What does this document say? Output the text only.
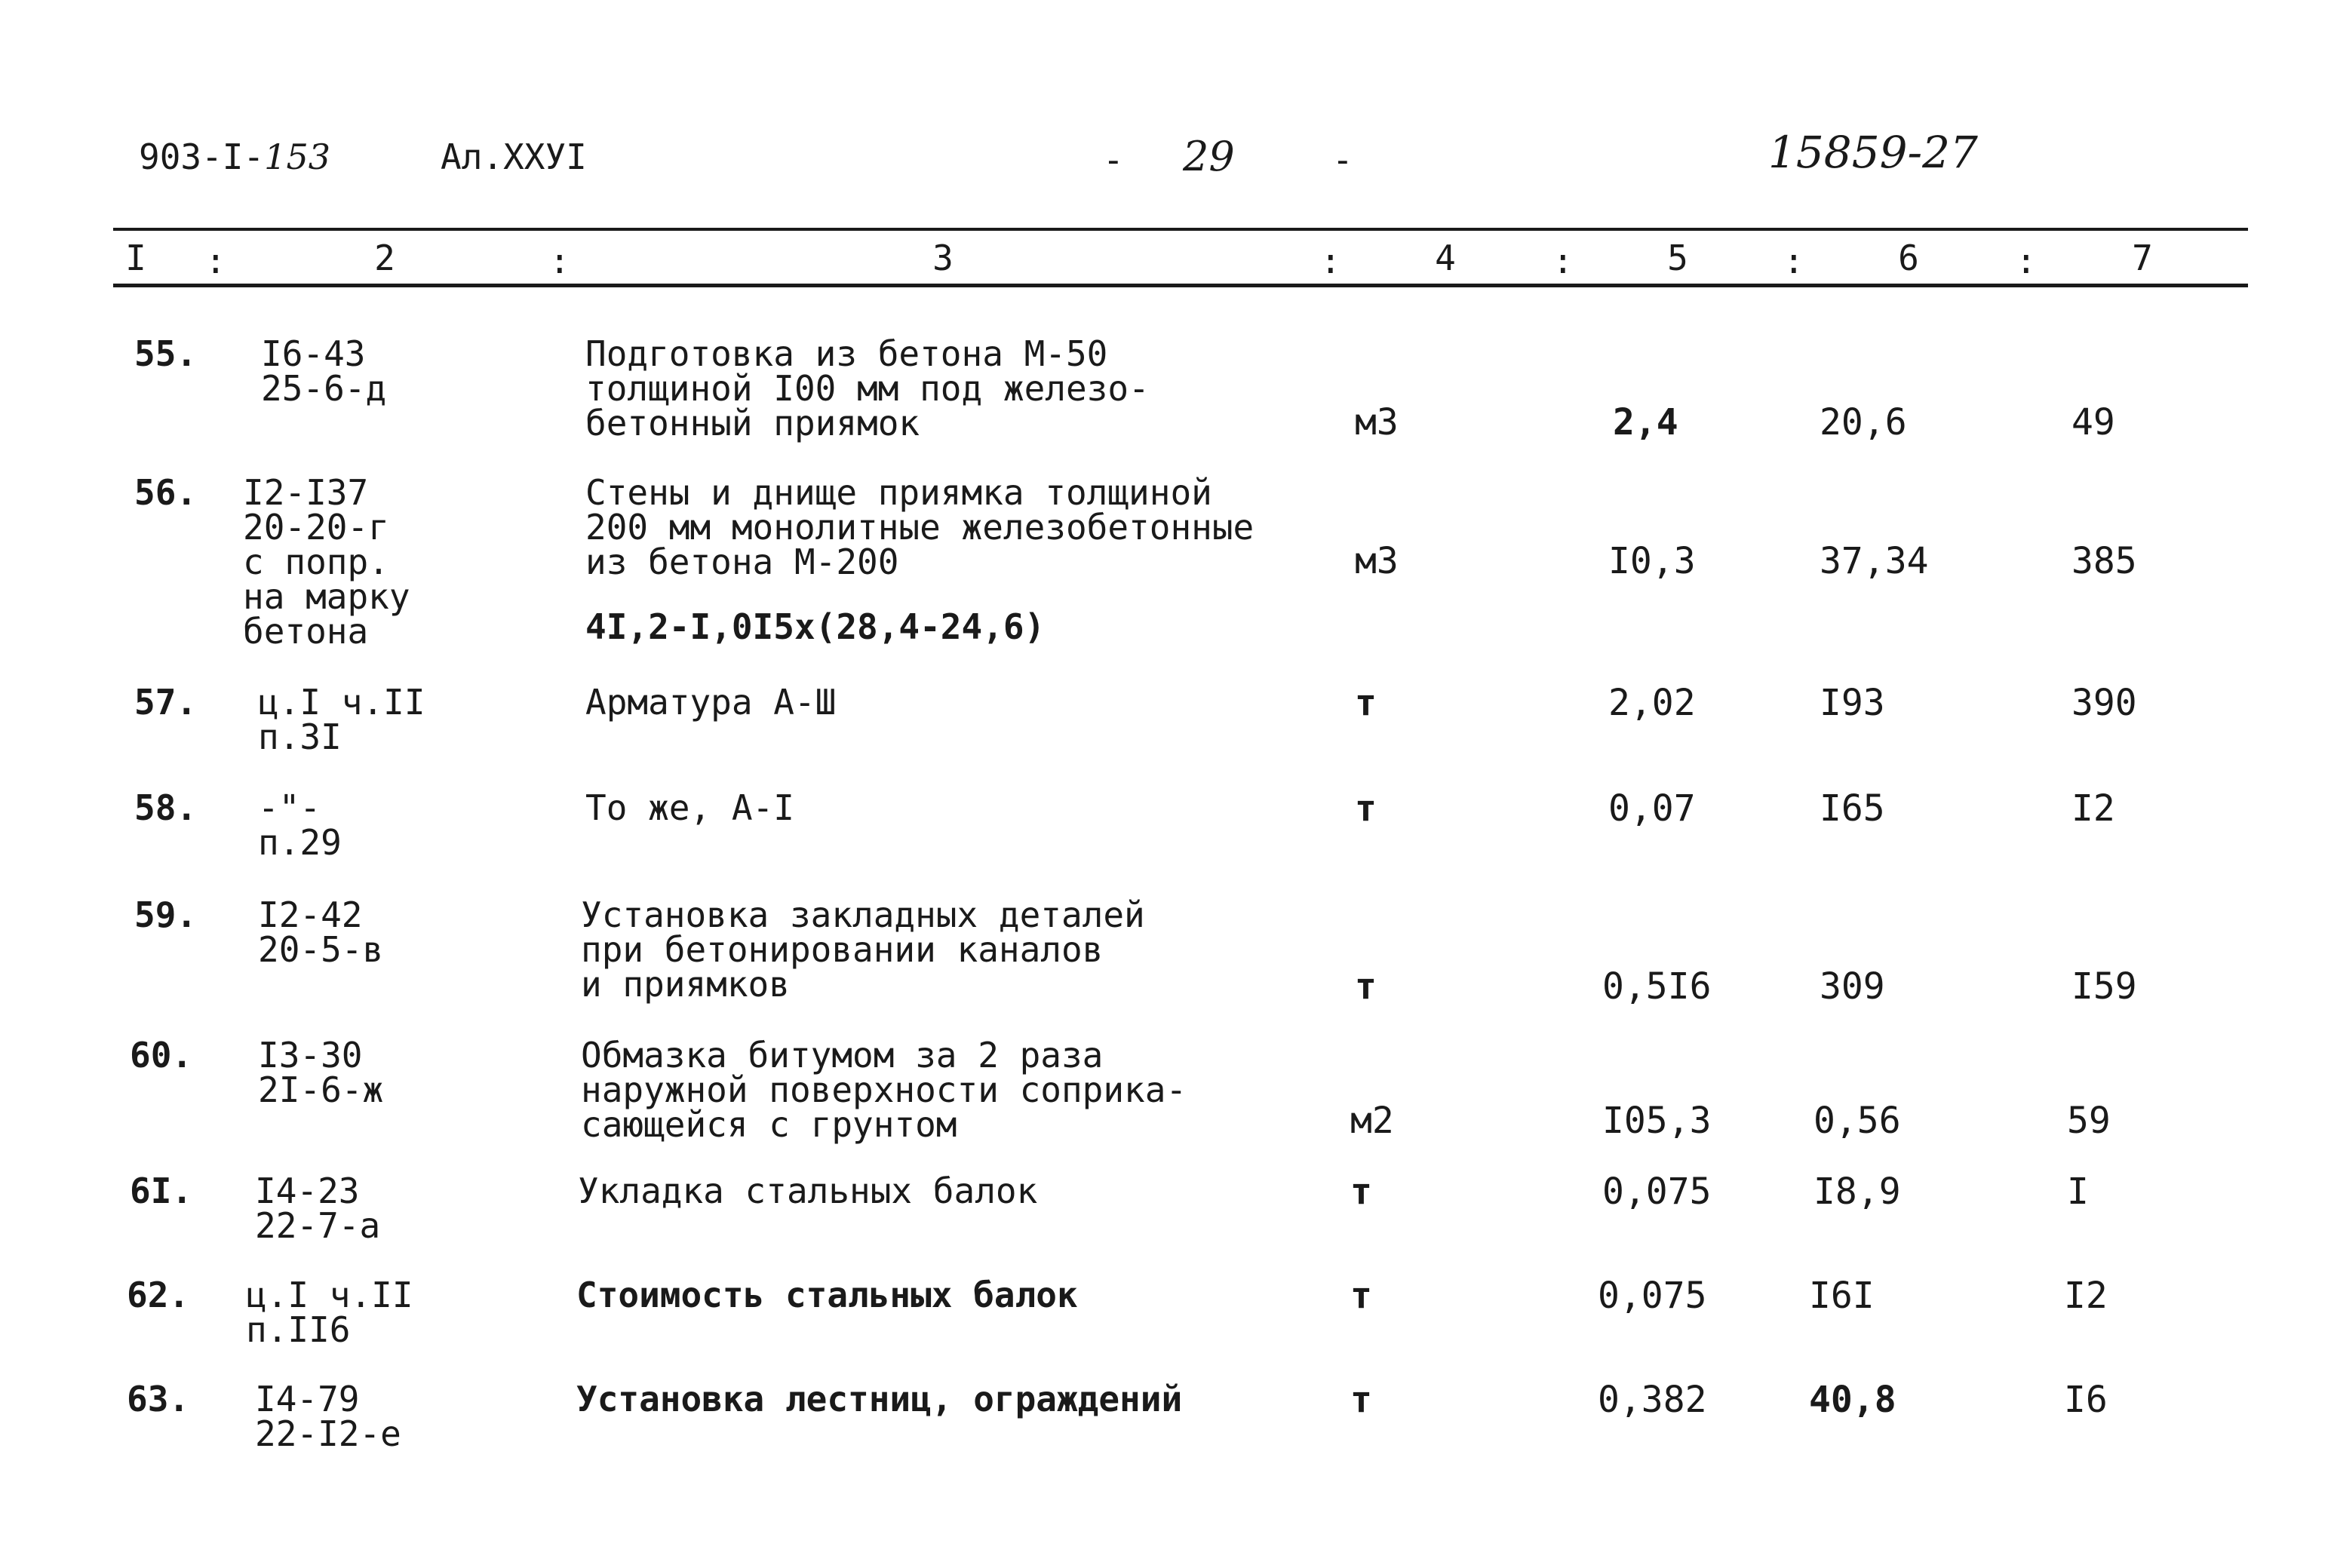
903-I-153	Ал.XXУI	- 29	-	15859-27
I	2	3	4	5	6	7
:	:	:	:	:	:
55. I6-43
25-6-д
Подготовка из бетона М-50
толщиной I00 мм под железо-
бетонный приямок	м3	2,4	20,6	49
56. I2-I37
20-20-г
с попр.
на марку
бетона
Стены и днище приямка толщиной
200 мм монолитные железобетонные
из бетона М-200
4I,2-I,0I5х(28,4-24,6)
м3	I0,3	37,34	385
57. ц.I ч.II
п.3I
Арматура А-Ш	т	2,02	I93	390
58. -"-
п.29
То же, А-I	т	0,07	I65	I2
59. I2-42
20-5-в
Установка закладных деталей
при бетонировании каналов
и приямков	т	0,5I6	309	I59
60. I3-30
2I-6-ж
Обмазка битумом за 2 раза
наружной поверхности соприка-
сающейся с грунтом	м2	I05,3	0,56	59
6I. I4-23
22-7-а
Укладка стальных балок	т	0,075	I8,9	I
62. ц.I ч.II
п.II6
Стоимость стальных балок	т	0,075	I6I	I2
63. I4-79
22-I2-е
Установка лестниц, ограждений	т	0,382	40,8	I6
